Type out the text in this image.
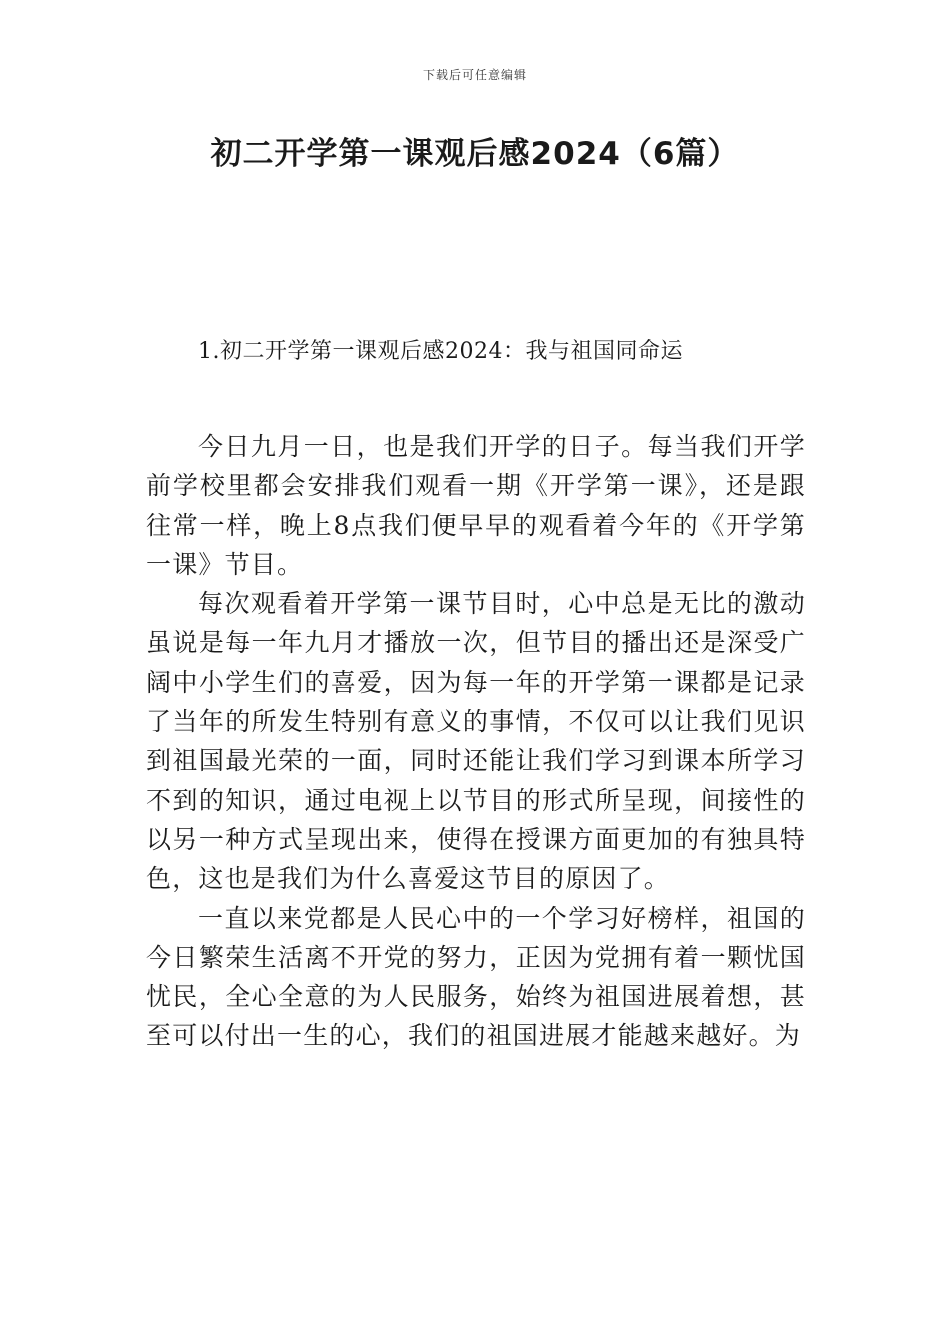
下载后可任意编辑
初二开学第一课观后感2024（6篇）
1.初二开学第一课观后感2024：我与祖国同命运

今日九月一日，也是我们开学的日子。每当我们开学前学校里都会安排我们观看一期《开学第一课》，还是跟往常一样，晚上8点我们便早早的观看着今年的《开学第一课》节目。

每次观看着开学第一课节目时，心中总是无比的激动虽说是每一年九月才播放一次，但节目的播出还是深受广阔中小学生们的喜爱，因为每一年的开学第一课都是记录了当年的所发生特别有意义的事情，不仅可以让我们见识到祖国最光荣的一面，同时还能让我们学习到课本所学习不到的知识，通过电视上以节目的形式所呈现，间接性的以另一种方式呈现出来，使得在授课方面更加的有独具特色，这也是我们为什么喜爱这节目的原因了。

一直以来党都是人民心中的一个学习好榜样，祖国的今日繁荣生活离不开党的努力，正因为党拥有着一颗忧国忧民，全心全意的为人民服务，始终为祖国进展着想，甚至可以付出一生的心，我们的祖国进展才能越来越好。为
